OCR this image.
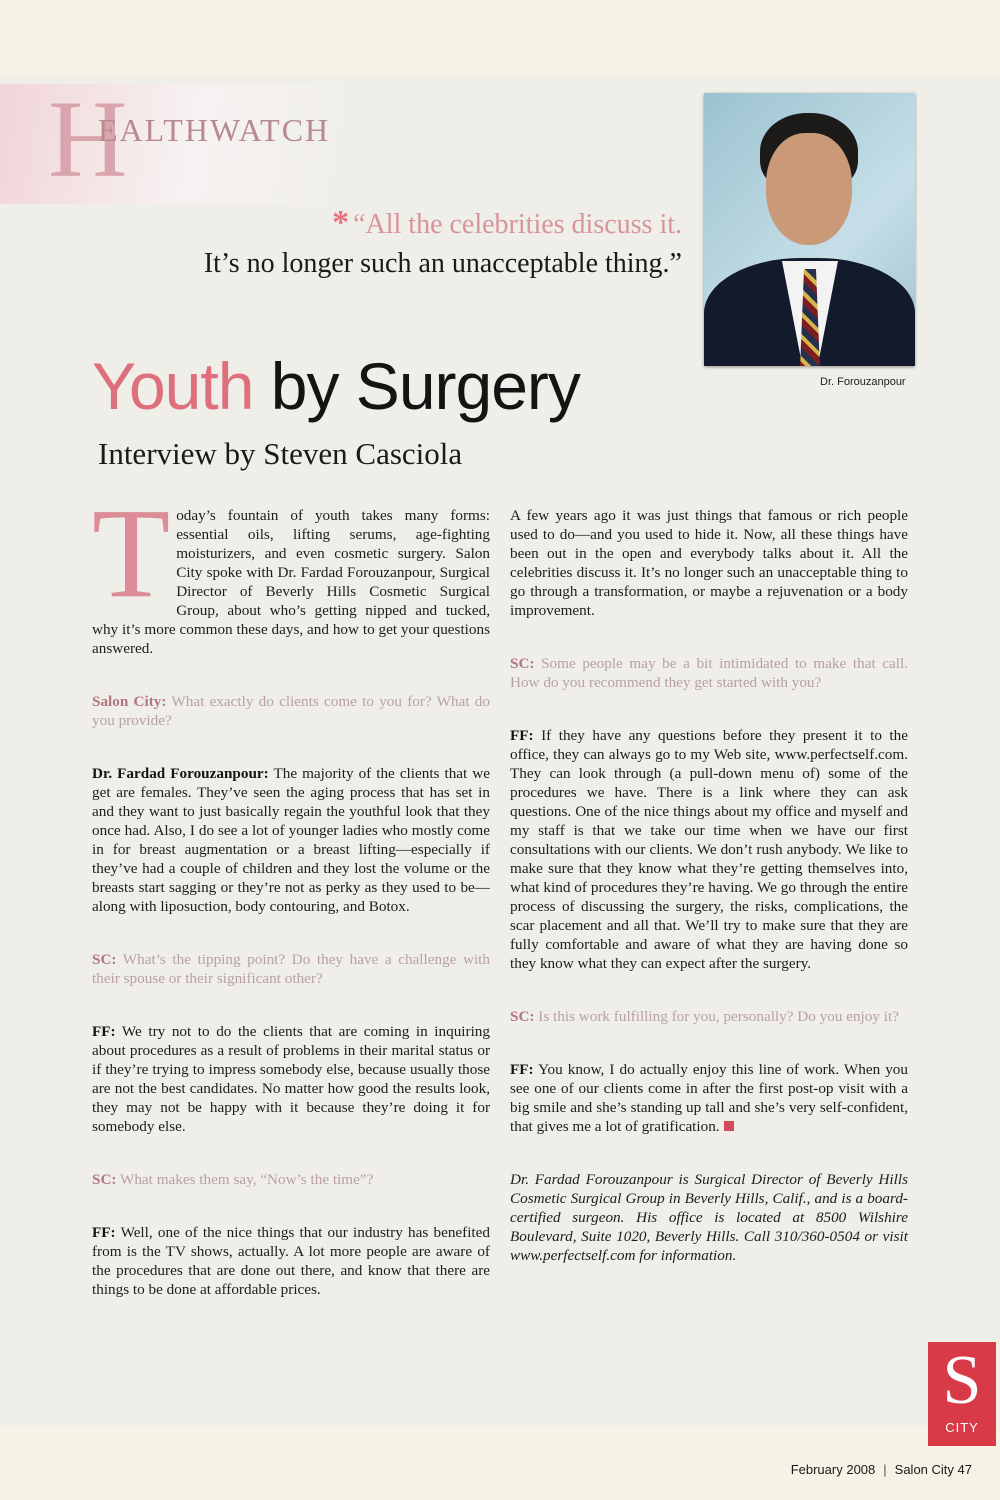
H
EALTHWATCH
* “All the celebrities discuss it.
It’s no longer such an unacceptable thing.”
Dr. Forouzanpour
Youth by Surgery
Interview by Steven Casciola

Today’s fountain of youth takes many forms: essential oils, lifting serums, age-fighting moisturizers, and even cosmetic surgery. Salon City spoke with Dr. Fardad Forouzanpour, Surgical Director of Beverly Hills Cosmetic Surgical Group, about who’s getting nipped and tucked, why it’s more common these days, and how to get your questions answered.

Salon City: What exactly do clients come to you for? What do you provide?

Dr. Fardad Forouzanpour: The majority of the clients that we get are females. They’ve seen the aging process that has set in and they want to just basically regain the youthful look that they once had. Also, I do see a lot of younger ladies who mostly come in for breast augmentation or a breast lifting—especially if they’ve had a couple of children and they lost the volume or the breasts start sagging or they’re not as perky as they used to be—along with liposuction, body contouring, and Botox.

SC: What’s the tipping point? Do they have a challenge with their spouse or their significant other?

FF: We try not to do the clients that are coming in inquiring about procedures as a result of problems in their marital status or if they’re trying to impress somebody else, because usually those are not the best candidates. No matter how good the results look, they may not be happy with it because they’re doing it for somebody else.

SC: What makes them say, “Now’s the time”?

FF: Well, one of the nice things that our industry has benefited from is the TV shows, actually. A lot more people are aware of the procedures that are done out there, and know that there are things to be done at affordable prices.

A few years ago it was just things that famous or rich people used to do—and you used to hide it. Now, all these things have been out in the open and everybody talks about it. All the celebrities discuss it. It’s no longer such an unacceptable thing to go through a transformation, or maybe a rejuvenation or a body improvement.

SC: Some people may be a bit intimidated to make that call. How do you recommend they get started with you?

FF: If they have any questions before they present it to the office, they can always go to my Web site, www.perfectself.com. They can look through (a pull-down menu of) some of the procedures we have. There is a link where they can ask questions. One of the nice things about my office and myself and my staff is that we take our time when we have our first consultations with our clients. We don’t rush anybody. We like to make sure that they know what they’re getting themselves into, what kind of procedures they’re having. We go through the entire process of discussing the surgery, the risks, complications, the scar placement and all that. We’ll try to make sure that they are fully comfortable and aware of what they are having done so they know what they can expect after the surgery.

SC: Is this work fulfilling for you, personally? Do you enjoy it?

FF: You know, I do actually enjoy this line of work. When you see one of our clients come in after the first post-op visit with a big smile and she’s standing up tall and she’s very self-confident, that gives me a lot of gratification.

Dr. Fardad Forouzanpour is Surgical Director of Beverly Hills Cosmetic Surgical Group in Beverly Hills, Calif., and is a board-certified surgeon. His office is located at 8500 Wilshire Boulevard, Suite 1020, Beverly Hills. Call 310/360-0504 or visit www.perfectself.com for information.

S
CITY
February 2008 | Salon City 47
